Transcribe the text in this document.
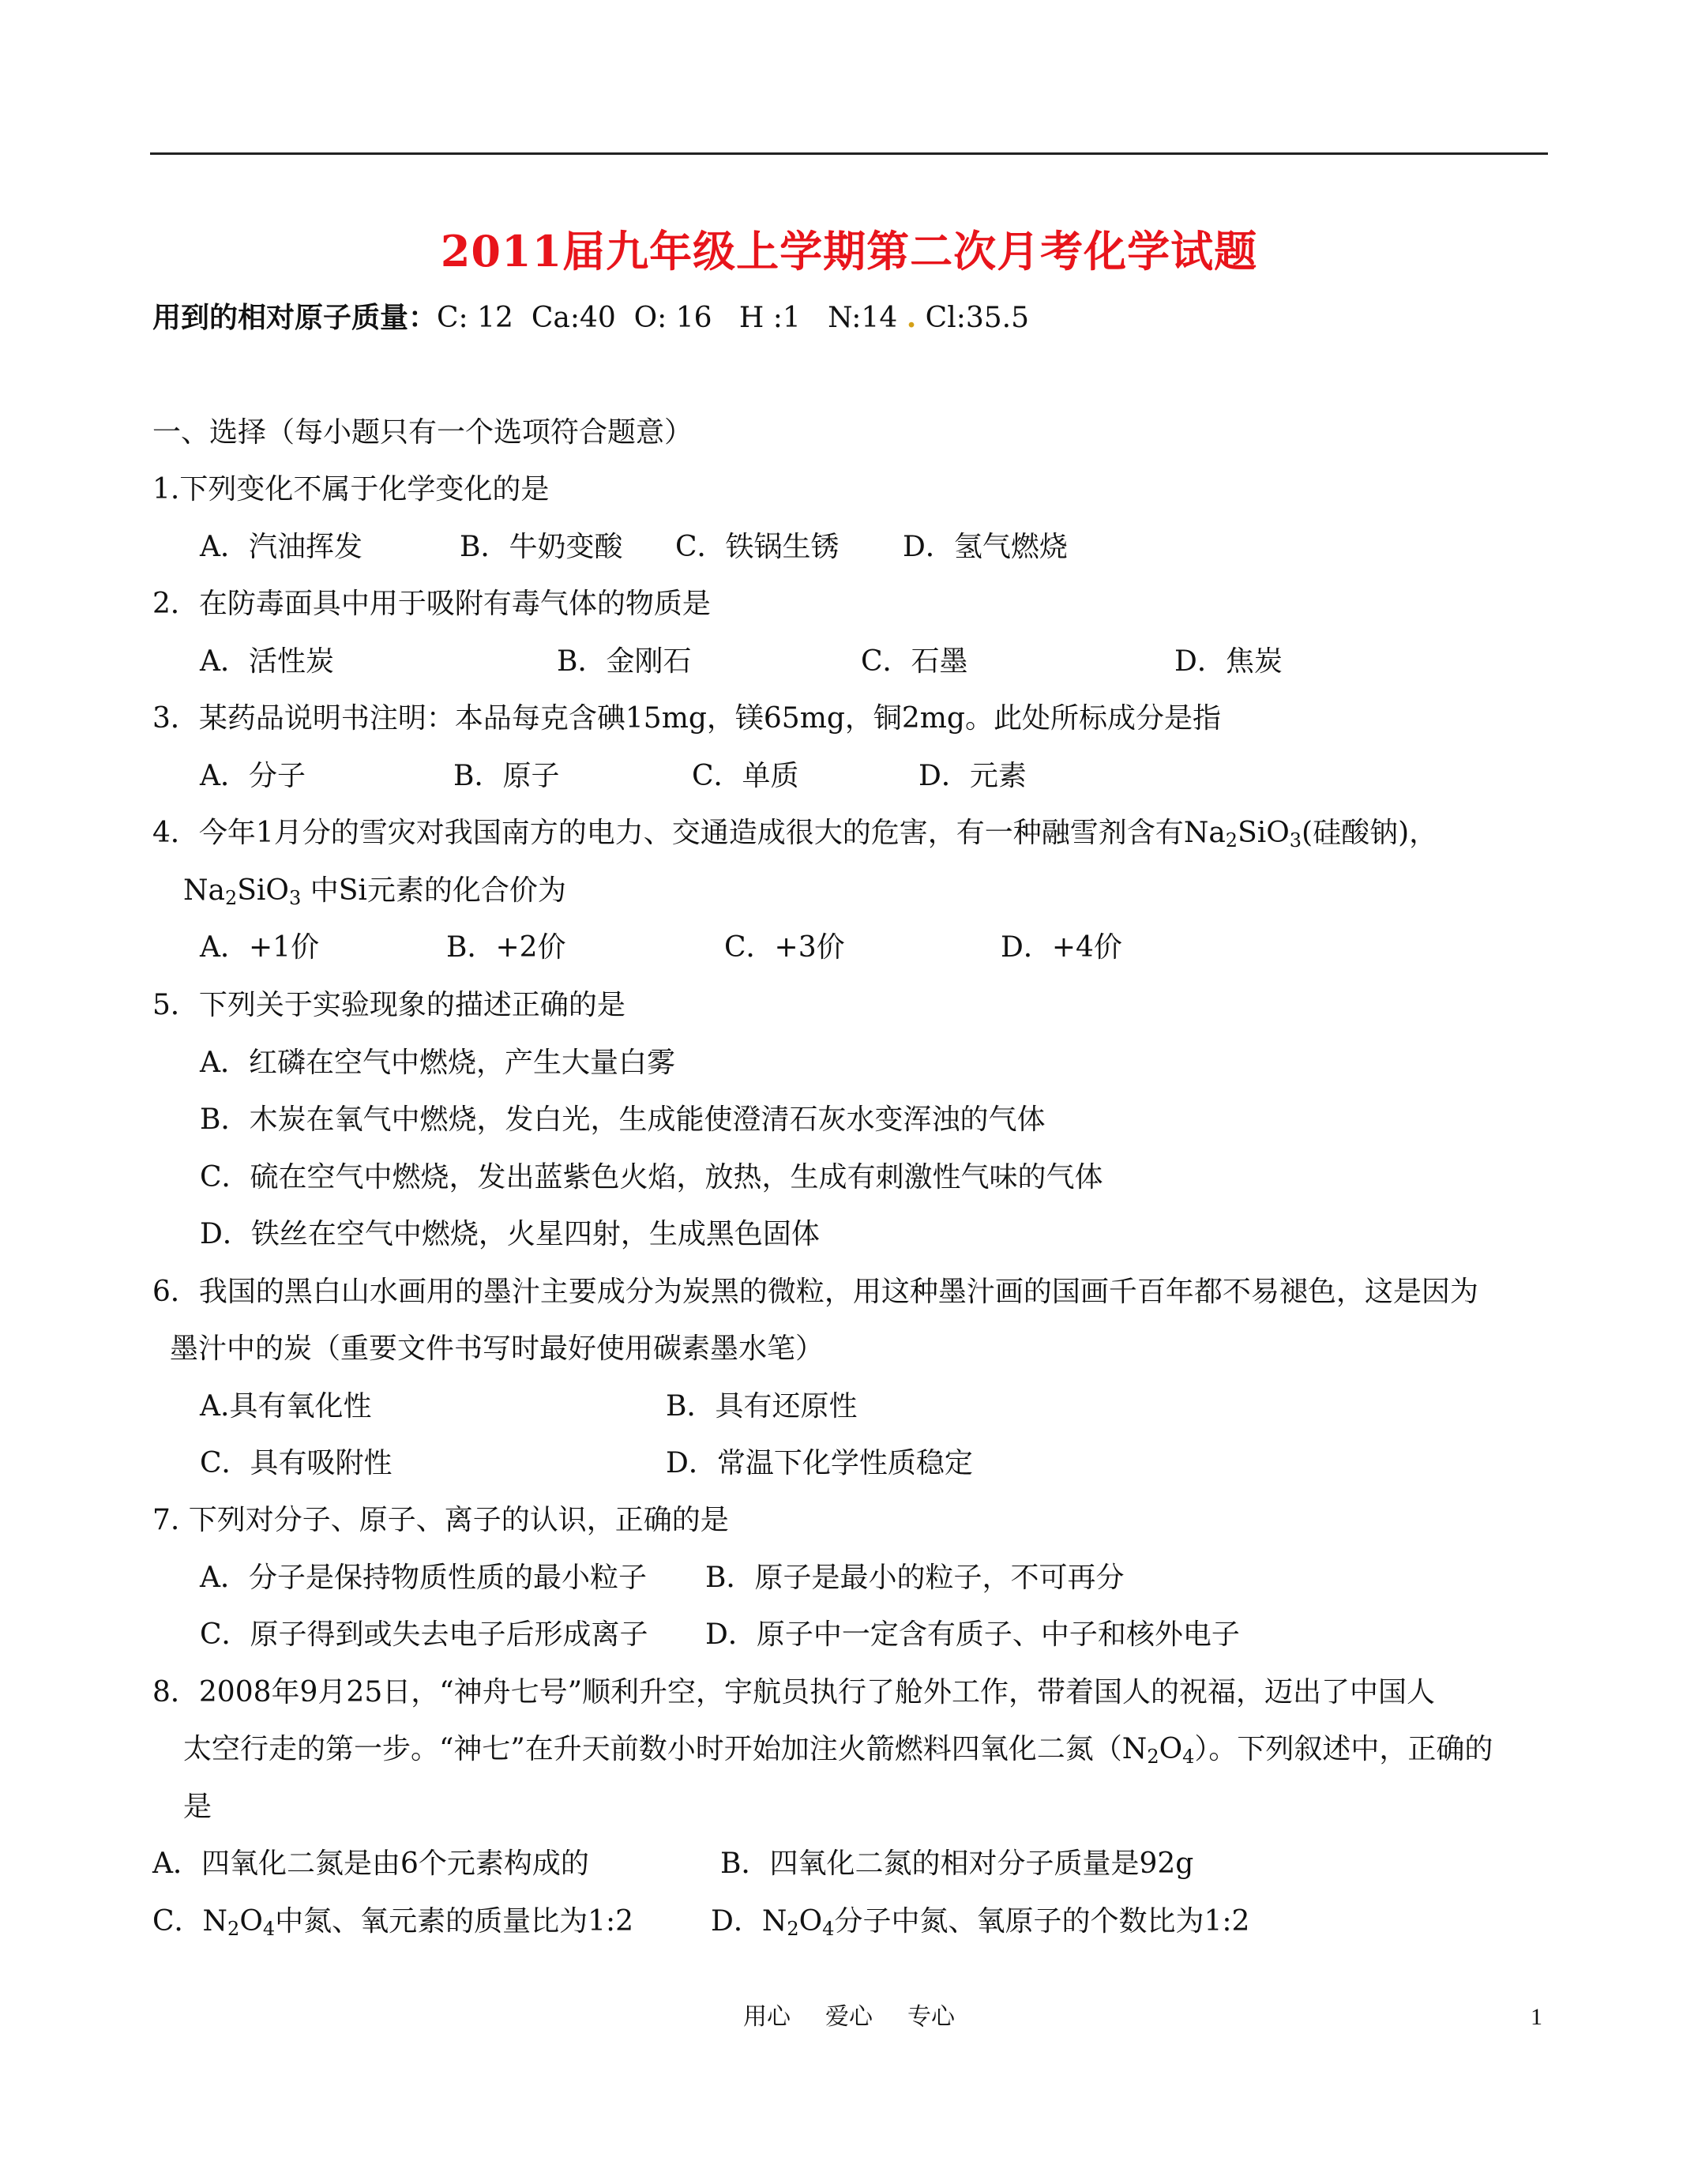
2011届九年级上学期第二次月考化学试题
用到的相对原子质量：C: 12  Ca:40  O: 16   H :1   N:14 . Cl:35.5
一、选择（每小题只有一个选项符合题意）
1.下列变化不属于化学变化的是
A．汽油挥发	B．牛奶变酸 C．铁锅生锈 D．氢气燃烧
2．在防毒面具中用于吸附有毒气体的物质是
A．活性炭	B．金刚石	C．石墨	D．焦炭
3．某药品说明书注明：本品每克含碘15mg，镁65mg，铜2mg。此处所标成分是指
A．分子	B．原子	C．单质	D．元素
4．今年1月分的雪灾对我国南方的电力、交通造成很大的危害，有一种融雪剂含有$Na_2SiO_3$(硅酸钠)，
$Na_2SiO_3$ 中Si元素的化合价为
A．+1价	B．+2价	C．+3价	D．+4价
5．下列关于实验现象的描述正确的是
A．红磷在空气中燃烧，产生大量白雾
B．木炭在氧气中燃烧，发白光，生成能使澄清石灰水变浑浊的气体
C．硫在空气中燃烧，发出蓝紫色火焰，放热，生成有刺激性气味的气体
D．铁丝在空气中燃烧，火星四射，生成黑色固体
6．我国的黑白山水画用的墨汁主要成分为炭黑的微粒，用这种墨汁画的国画千百年都不易褪色，这是因为
墨汁中的炭（重要文件书写时最好使用碳素墨水笔）
A.具有氧化性	B．具有还原性
C．具有吸附性	D．常温下化学性质稳定
7. 下列对分子、原子、离子的认识，正确的是
A．分子是保持物质性质的最小粒子 B．原子是最小的粒子，不可再分
C．原子得到或失去电子后形成离子 D．原子中一定含有质子、中子和核外电子
8．2008年9月25日，“神舟七号”顺利升空，宇航员执行了舱外工作，带着国人的祝福，迈出了中国人
太空行走的第一步。“神七”在升天前数小时开始加注火箭燃料四氧化二氮$(N_2O_4)$。下列叙述中，正确的
是
A．四氧化二氮是由6个元素构成的	B．四氧化二氮的相对分子质量是92g
C．$N_2O_4$中氮、氧元素的质量比为1:2	D．$N_2O_4$分子中氮、氧原子的个数比为1:2
用心 爱心 专心	1
